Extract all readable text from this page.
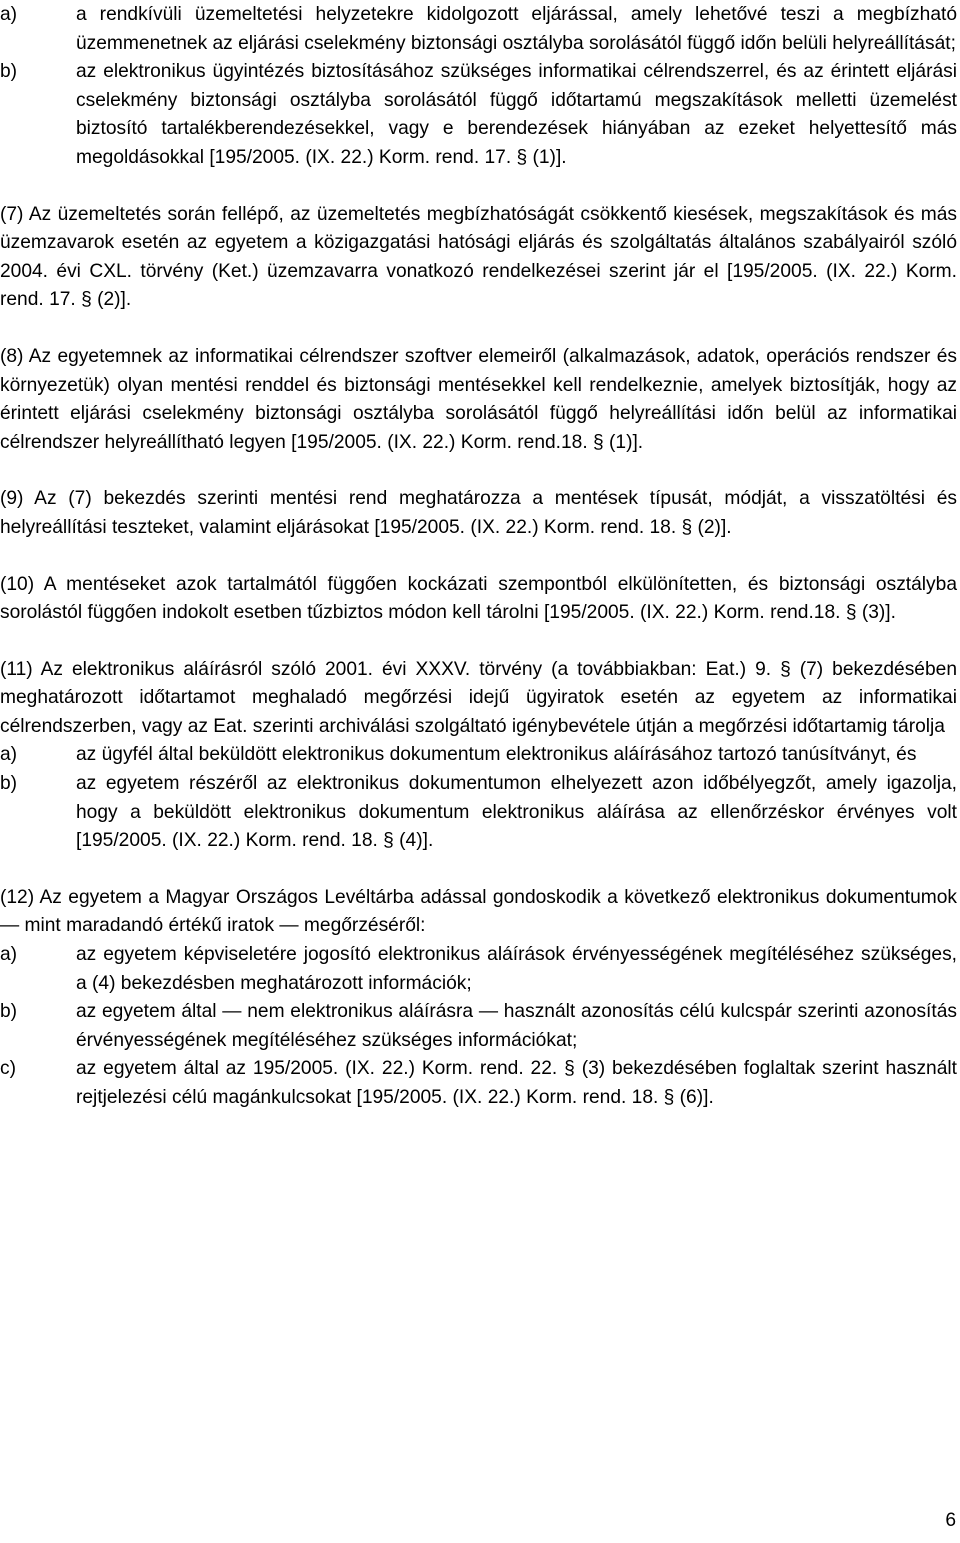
a)	a rendkívüli üzemeltetési helyzetekre kidolgozott eljárással, amely lehetővé teszi a megbízható üzemmenetnek az eljárási cselekmény biztonsági osztályba sorolásától függő időn belüli helyreállítását;
b)	az elektronikus ügyintézés biztosításához szükséges informatikai célrendszerrel, és az érintett eljárási cselekmény biztonsági osztályba sorolásától függő időtartamú megszakítások melletti üzemelést biztosító tartalékberendezésekkel, vagy e berendezések hiányában az ezeket helyettesítő más megoldásokkal [195/2005. (IX. 22.) Korm. rend. 17. § (1)].
(7) Az üzemeltetés során fellépő, az üzemeltetés megbízhatóságát csökkentő kiesések, megszakítások és más üzemzavarok esetén az egyetem a közigazgatási hatósági eljárás és szolgáltatás általános szabályairól szóló 2004. évi CXL. törvény (Ket.) üzemzavarra vonatkozó rendelkezései szerint jár el [195/2005. (IX. 22.) Korm. rend. 17. § (2)].
(8) Az egyetemnek az informatikai célrendszer szoftver elemeiről (alkalmazások, adatok, operációs rendszer és környezetük) olyan mentési renddel és biztonsági mentésekkel kell rendelkeznie, amelyek biztosítják, hogy az érintett eljárási cselekmény biztonsági osztályba sorolásától függő helyreállítási időn belül az informatikai célrendszer helyreállítható legyen [195/2005. (IX. 22.) Korm. rend.18. § (1)].
(9) Az (7) bekezdés szerinti mentési rend meghatározza a mentések típusát, módját, a visszatöltési és helyreállítási teszteket, valamint eljárásokat [195/2005. (IX. 22.) Korm. rend. 18. § (2)].
(10) A mentéseket azok tartalmától függően kockázati szempontból elkülönítetten, és biztonsági osztályba sorolástól függően indokolt esetben tűzbiztos módon kell tárolni [195/2005. (IX. 22.) Korm. rend.18. § (3)].
(11) Az elektronikus aláírásról szóló 2001. évi XXXV. törvény (a továbbiakban: Eat.) 9. § (7) bekezdésében meghatározott időtartamot meghaladó megőrzési idejű ügyiratok esetén az egyetem az informatikai célrendszerben, vagy az Eat. szerinti archiválási szolgáltató igénybevétele útján a megőrzési időtartamig tárolja
a)	az ügyfél által beküldött elektronikus dokumentum elektronikus aláírásához tartozó tanúsítványt, és
b)	az egyetem részéről az elektronikus dokumentumon elhelyezett azon időbélyegzőt, amely igazolja, hogy a beküldött elektronikus dokumentum elektronikus aláírása az ellenőrzéskor érvényes volt [195/2005. (IX. 22.) Korm. rend. 18. § (4)].
(12) Az egyetem a Magyar Országos Levéltárba adással gondoskodik a következő elektronikus dokumentumok — mint maradandó értékű iratok — megőrzéséről:
a)	az egyetem képviseletére jogosító elektronikus aláírások érvényességének megítéléséhez szükséges, a (4) bekezdésben meghatározott információk;
b)	az egyetem által — nem elektronikus aláírásra — használt azonosítás célú kulcspár szerinti azonosítás érvényességének megítéléséhez szükséges információkat;
c)	az egyetem által az 195/2005. (IX. 22.) Korm. rend. 22. § (3) bekezdésében foglaltak szerint használt rejtjelezési célú magánkulcsokat [195/2005. (IX. 22.) Korm. rend. 18. § (6)].
6
